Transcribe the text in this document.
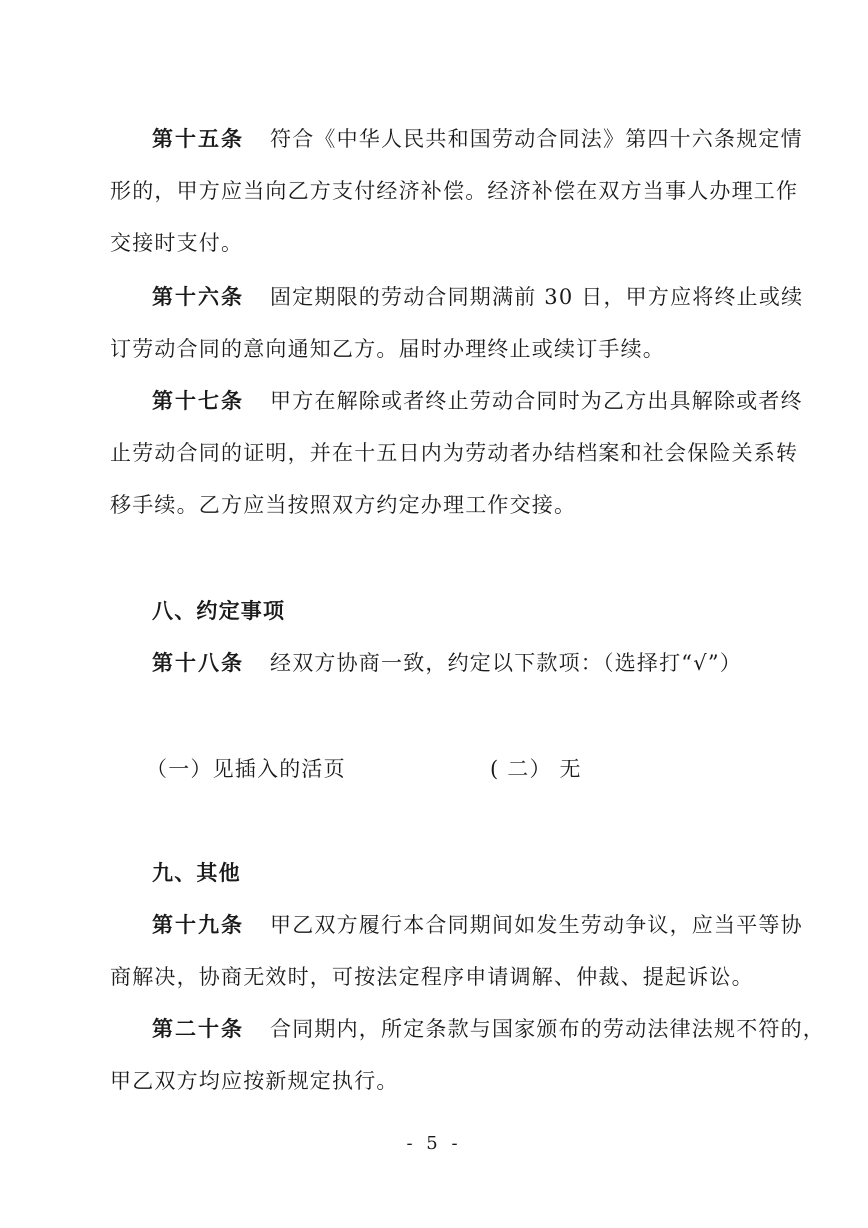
第十五条 符合《中华人民共和国劳动合同法》第四十六条规定情
形的，甲方应当向乙方支付经济补偿。经济补偿在双方当事人办理工作
交接时支付。
第十六条 固定期限的劳动合同期满前 30 日，甲方应将终止或续
订劳动合同的意向通知乙方。届时办理终止或续订手续。
第十七条 甲方在解除或者终止劳动合同时为乙方出具解除或者终
止劳动合同的证明，并在十五日内为劳动者办结档案和社会保险关系转
移手续。乙方应当按照双方约定办理工作交接。
八、约定事项
第十八条 经双方协商一致，约定以下款项：（选择打“√”）
（一）见插入的活页	( 二） 无
九、其他
第十九条 甲乙双方履行本合同期间如发生劳动争议，应当平等协
商解决，协商无效时，可按法定程序申请调解、仲裁、提起诉讼。
第二十条 合同期内，所定条款与国家颁布的劳动法律法规不符的，
甲乙双方均应按新规定执行。
- 5 -
